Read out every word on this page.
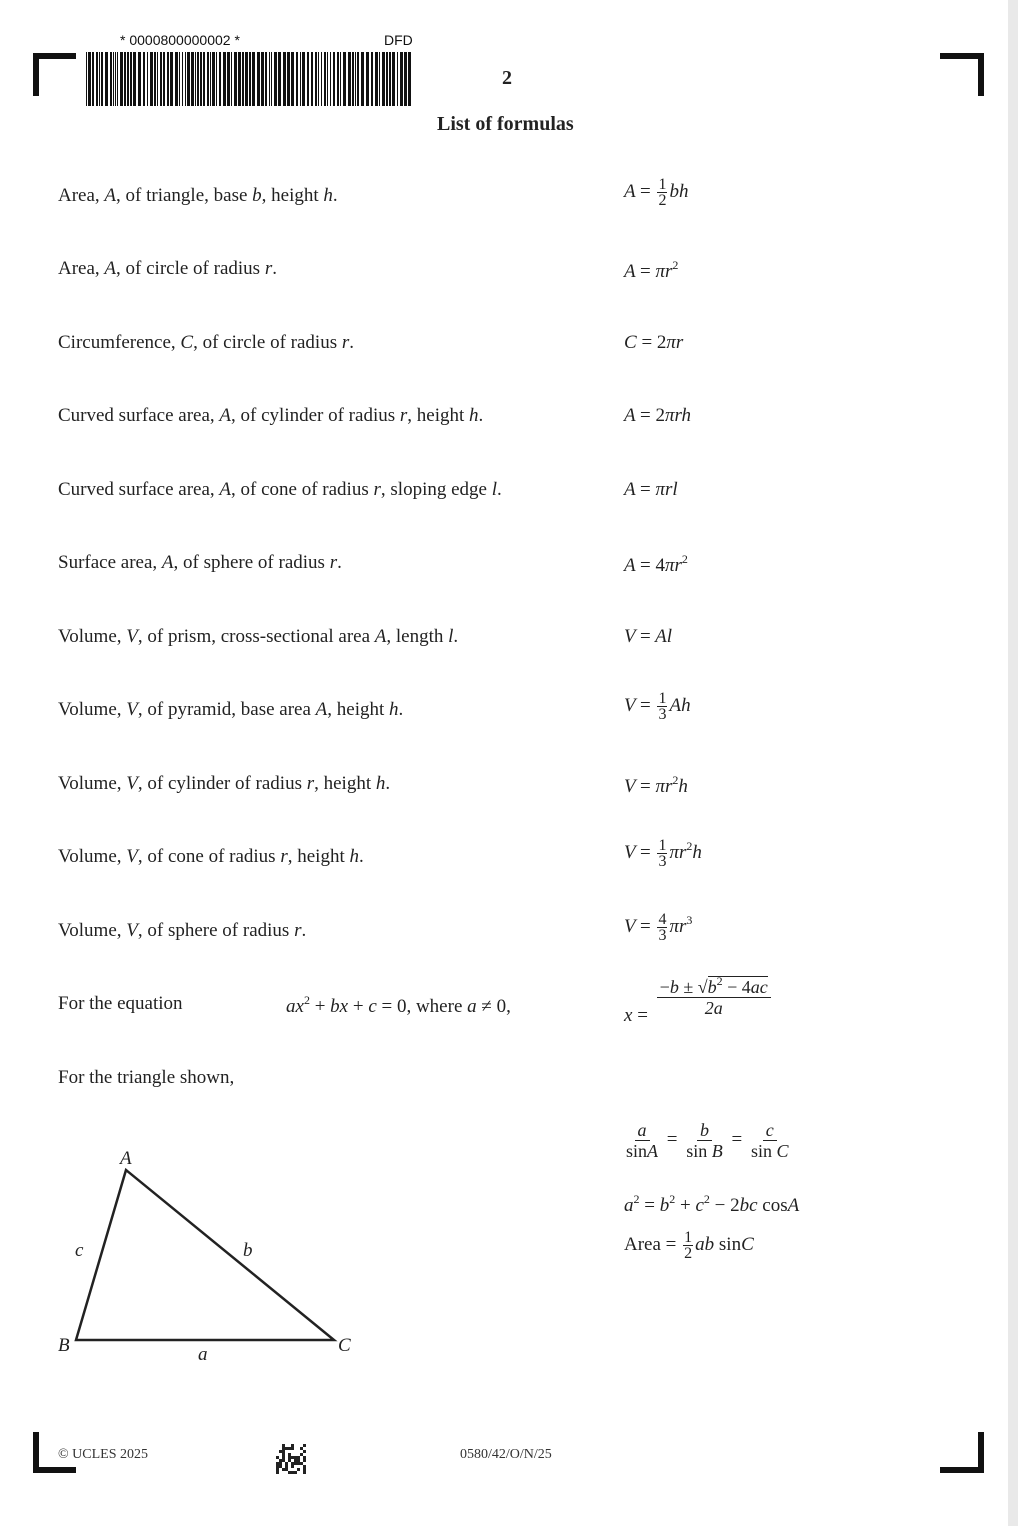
* 0000800000002 *	DFD
2
List of formulas
Area, A, of triangle, base b, height h.	$A = \frac{1}{2}$ bh
Area, A, of circle of radius r.	$A = \pi r^2$
Circumference, C, of circle of radius r.	C = 2πr
Curved surface area, A, of cylinder of radius r, height h.	A = 2πrh
Curved surface area, A, of cone of radius r, sloping edge l.	A = πrl
Surface area, A, of sphere of radius r.	$A = 4\pi r^2$
Volume, V, of prism, cross-sectional area A, length l.	V = Al
Volume, V, of pyramid, base area A, height h.	$V = \frac{1}{3}$ Ah
Volume, V, of cylinder of radius r, height h.	$V = \pi r^2h$
Volume, V, of cone of radius r, height h.	$V = \frac{1}{3} \pi r^2h$
Volume, V, of sphere of radius r.	$V = \frac{4}{3} \pi r^3$
For the equation	$ax^2$ + bx + c = 0, where a ≠ 0,	$x = \frac{-b \pm √b^2 - 4ac}{2a}$
For the triangle shown,
A
B	C
a
b
c
$\frac{a}{\sin A} = \frac{b}{\text{sin B}} = \frac{c}{\text{sin C}}$
$a^2 = b^2 + c^2 - 2bc$ cosA
Area = $\frac{1}{2}$ ab sinC
© UCLES 2025	0580/42/O/N/25
